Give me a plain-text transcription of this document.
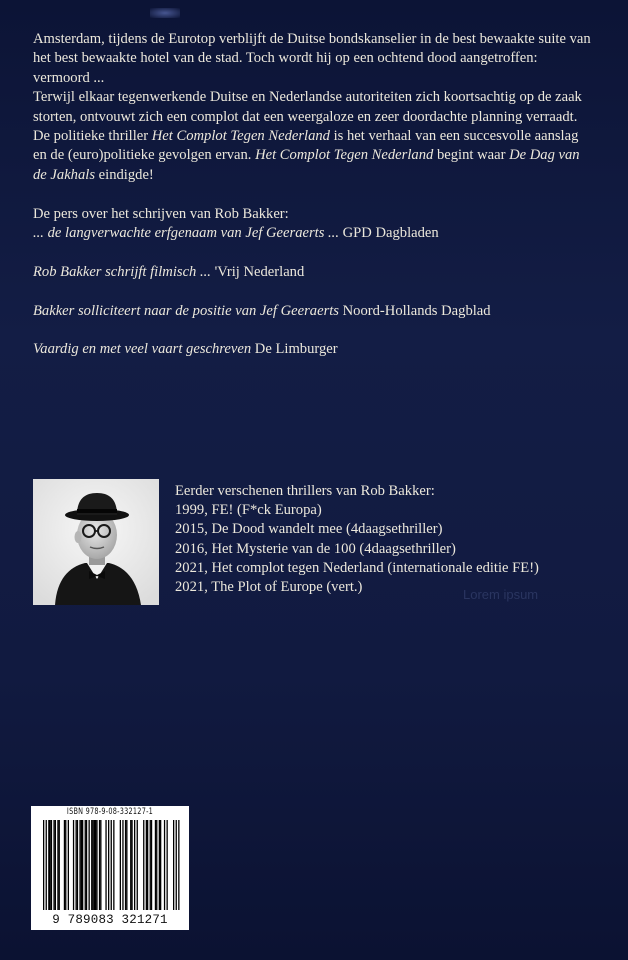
Amsterdam, tijdens de Eurotop verblijft de Duitse bondskanselier in de best bewaakte suite van het best bewaakte hotel van de stad. Toch wordt hij op een ochtend dood aangetroffen: vermoord ...

Terwijl elkaar tegenwerkende Duitse en Nederlandse autoriteiten zich koortsachtig op de zaak storten, ontvouwt zich een complot dat een weergaloze en zeer doordachte planning verraadt.

De politieke thriller Het Complot Tegen Nederland is het verhaal van een succesvolle aanslag en de (euro)politieke gevolgen ervan. Het Complot Tegen Nederland begint waar De Dag van de Jakhals eindigde!

De pers over het schrijven van Rob Bakker:

... de langverwachte erfgenaam van Jef Geeraerts ... GPD Dagbladen

Rob Bakker schrijft filmisch ... 'Vrij Nederland

Bakker solliciteert naar de positie van Jef Geeraerts Noord-Hollands Dagblad

Vaardig en met veel vaart geschreven De Limburger

Eerder verschenen thrillers van Rob Bakker:
1999, FE! (F*ck Europa)
2015, De Dood wandelt mee (4daagsethriller)
2016, Het Mysterie van de 100 (4daagsethriller)
2021, Het complot tegen Nederland (internationale editie FE!)
2021, The Plot of Europe (vert.)	Lorem ipsum
ISBN 978-9-08-332127-1
9 789083 321271
